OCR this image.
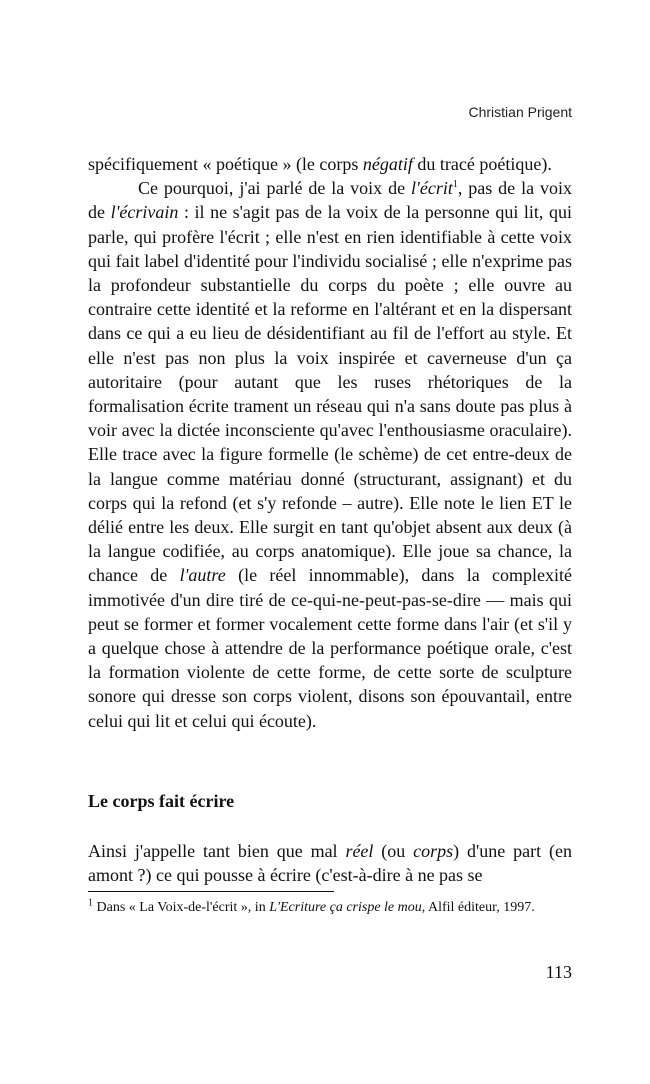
Christian Prigent

spécifiquement « poétique » (le corps négatif du tracé poétique).

Ce pourquoi, j'ai parlé de la voix de l'écrit$^1$, pas de la voix de l'écrivain : il ne s'agit pas de la voix de la personne qui lit, qui parle, qui profère l'écrit ; elle n'est en rien identifiable à cette voix qui fait label d'identité pour l'individu socialisé ; elle n'exprime pas la profondeur substantielle du corps du poète ; elle ouvre au contraire cette identité et la reforme en l'altérant et en la dispersant dans ce qui a eu lieu de désidentifiant au fil de l'effort au style. Et elle n'est pas non plus la voix inspirée et caverneuse d'un ça autoritaire (pour autant que les ruses rhétoriques de la formalisation écrite trament un réseau qui n'a sans doute pas plus à voir avec la dictée inconsciente qu'avec l'enthousiasme oraculaire). Elle trace avec la figure formelle (le schème) de cet entre-deux de la langue comme matériau donné (structurant, assignant) et du corps qui la refond (et s'y refonde – autre). Elle note le lien ET le délié entre les deux. Elle surgit en tant qu'objet absent aux deux (à la langue codifiée, au corps anatomique). Elle joue sa chance, la chance de l'autre (le réel innommable), dans la complexité immotivée d'un dire tiré de ce-qui-ne-peut-pas-se-dire — mais qui peut se former et former vocalement cette forme dans l'air (et s'il y a quelque chose à attendre de la performance poétique orale, c'est la formation violente de cette forme, de cette sorte de sculpture sonore qui dresse son corps violent, disons son épouvantail, entre celui qui lit et celui qui écoute).

Le corps fait écrire

Ainsi j'appelle tant bien que mal réel (ou corps) d'une part (en amont ?) ce qui pousse à écrire (c'est-à-dire à ne pas se

$^1$ Dans « La Voix-de-l'écrit », in L'Ecriture ça crispe le mou, Alfil éditeur, 1997.
113
